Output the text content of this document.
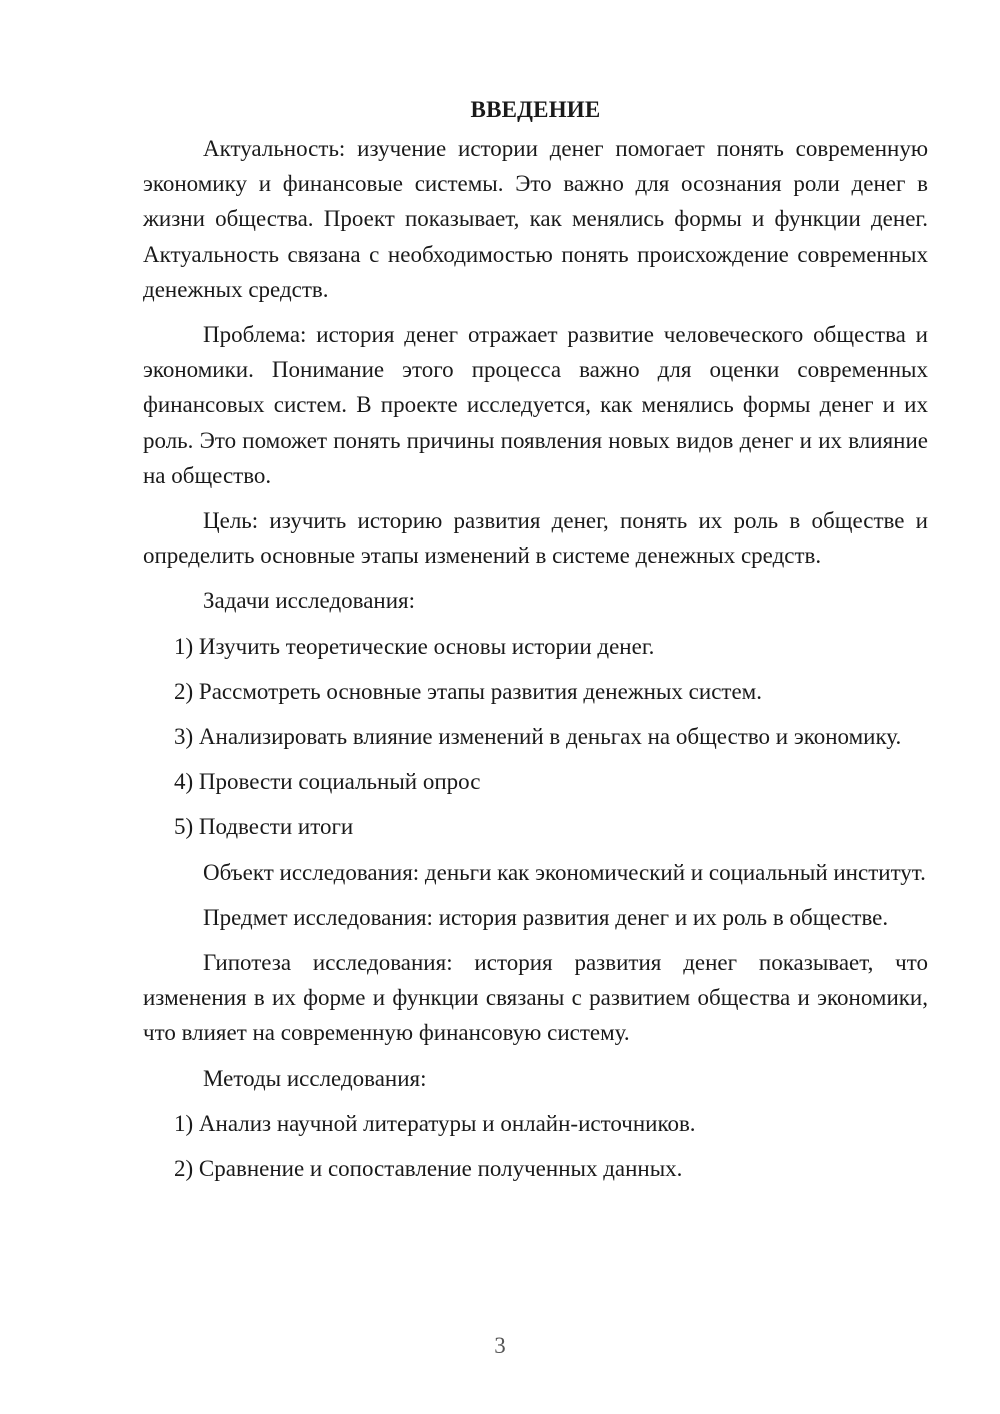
ВВЕДЕНИЕ

Актуальность: изучение истории денег помогает понять современную экономику и финансовые системы. Это важно для осознания роли денег в жизни общества. Проект показывает, как менялись формы и функции денег. Актуальность связана с необходимостью понять происхождение современных денежных средств.

Проблема: история денег отражает развитие человеческого общества и экономики. Понимание этого процесса важно для оценки современных финансовых систем. В проекте исследуется, как менялись формы денег и их роль. Это поможет понять причины появления новых видов денег и их влияние на общество.

Цель: изучить историю развития денег, понять их роль в обществе и определить основные этапы изменений в системе денежных средств.

Задачи исследования:

1) Изучить теоретические основы истории денег.

2) Рассмотреть основные этапы развития денежных систем.

3) Анализировать влияние изменений в деньгах на общество и экономику.

4) Провести социальный опрос

5) Подвести итоги

Объект исследования: деньги как экономический и социальный институт.

Предмет исследования: история развития денег и их роль в обществе.

Гипотеза исследования: история развития денег показывает, что изменения в их форме и функции связаны с развитием общества и экономики, что влияет на современную финансовую систему.

Методы исследования:

1) Анализ научной литературы и онлайн-источников.

2) Сравнение и сопоставление полученных данных.

3
